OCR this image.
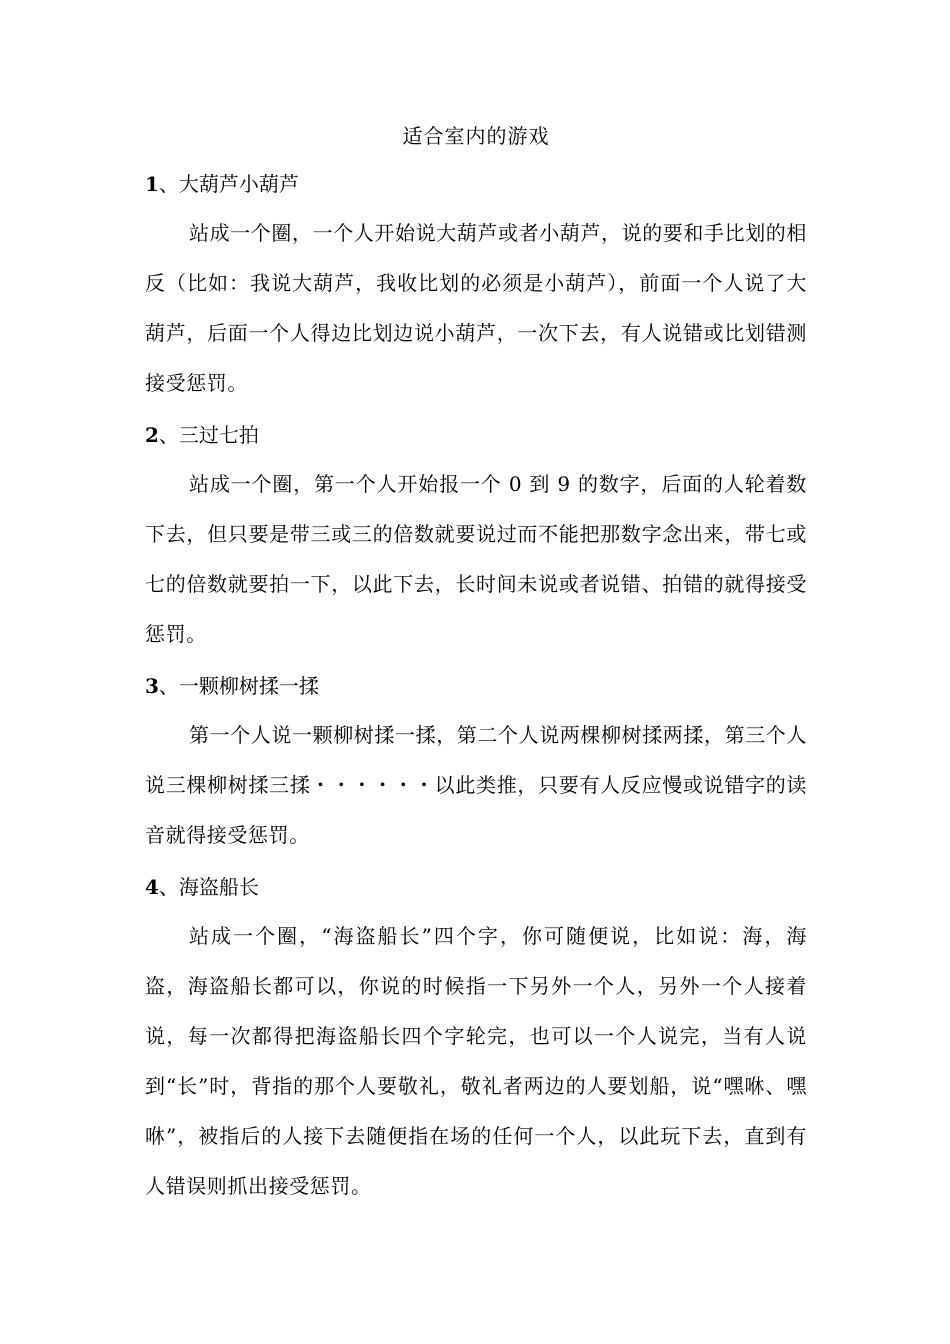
适合室内的游戏
1、大葫芦小葫芦

站成一个圈，一个人开始说大葫芦或者小葫芦，说的要和手比划的相反（比如：我说大葫芦，我收比划的必须是小葫芦），前面一个人说了大葫芦，后面一个人得边比划边说小葫芦，一次下去，有人说错或比划错测接受惩罚。

2、三过七拍

站成一个圈，第一个人开始报一个 0 到 9 的数字，后面的人轮着数下去，但只要是带三或三的倍数就要说过而不能把那数字念出来，带七或七的倍数就要拍一下，以此下去，长时间未说或者说错、拍错的就得接受惩罚。

3、一颗柳树揉一揉

第一个人说一颗柳树揉一揉，第二个人说两棵柳树揉两揉，第三个人说三棵柳树揉三揉・・・・・・以此类推，只要有人反应慢或说错字的读音就得接受惩罚。

4、海盗船长

站成一个圈，“海盗船长”四个字，你可随便说，比如说：海，海盗，海盗船长都可以，你说的时候指一下另外一个人，另外一个人接着说，每一次都得把海盗船长四个字轮完，也可以一个人说完，当有人说到“长”时，背指的那个人要敬礼，敬礼者两边的人要划船，说“嘿咻、嘿咻”，被指后的人接下去随便指在场的任何一个人，以此玩下去，直到有人错误则抓出接受惩罚。
